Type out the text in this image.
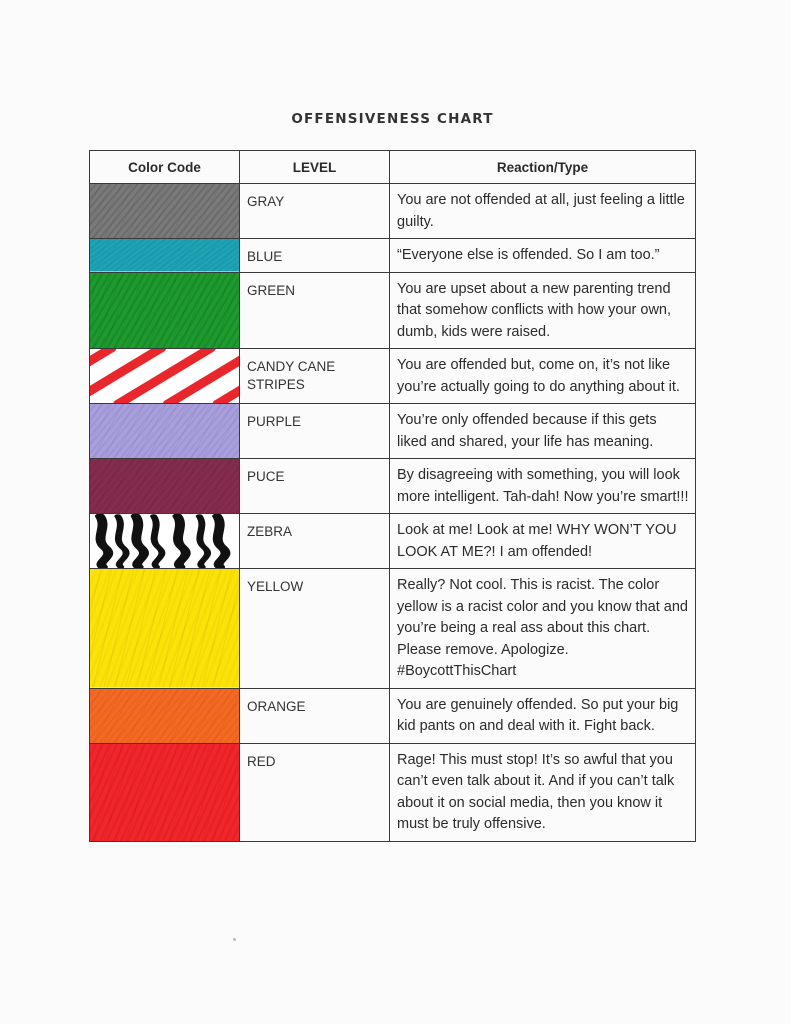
OFFENSIVENESS CHART
Color Code	LEVEL	Reaction/Type

	GRAY	You are not offended at all, just feeling a little guilty.

	BLUE	“Everyone else is offended. So I am too.”

	GREEN	You are upset about a new parenting trend that somehow conflicts with how your own, dumb, kids were raised.

	CANDY CANE STRIPES	You are offended but, come on, it’s not like you’re actually going to do anything about it.

	PURPLE	You’re only offended because if this gets liked and shared, your life has meaning.

	PUCE	By disagreeing with something, you will look more intelligent. Tah-dah! Now you’re smart!!!

	ZEBRA	Look at me! Look at me! WHY WON’T YOU LOOK AT ME?! I am offended!

	YELLOW	Really? Not cool. This is racist. The color yellow is a racist color and you know that and you’re being a real ass about this chart. Please remove. Apologize. #BoycottThisChart

	ORANGE	You are genuinely offended. So put your big kid pants on and deal with it. Fight back.

	RED	Rage! This must stop! It’s so awful that you can’t even talk about it. And if you can’t talk about it on social media, then you know it must be truly offensive.
